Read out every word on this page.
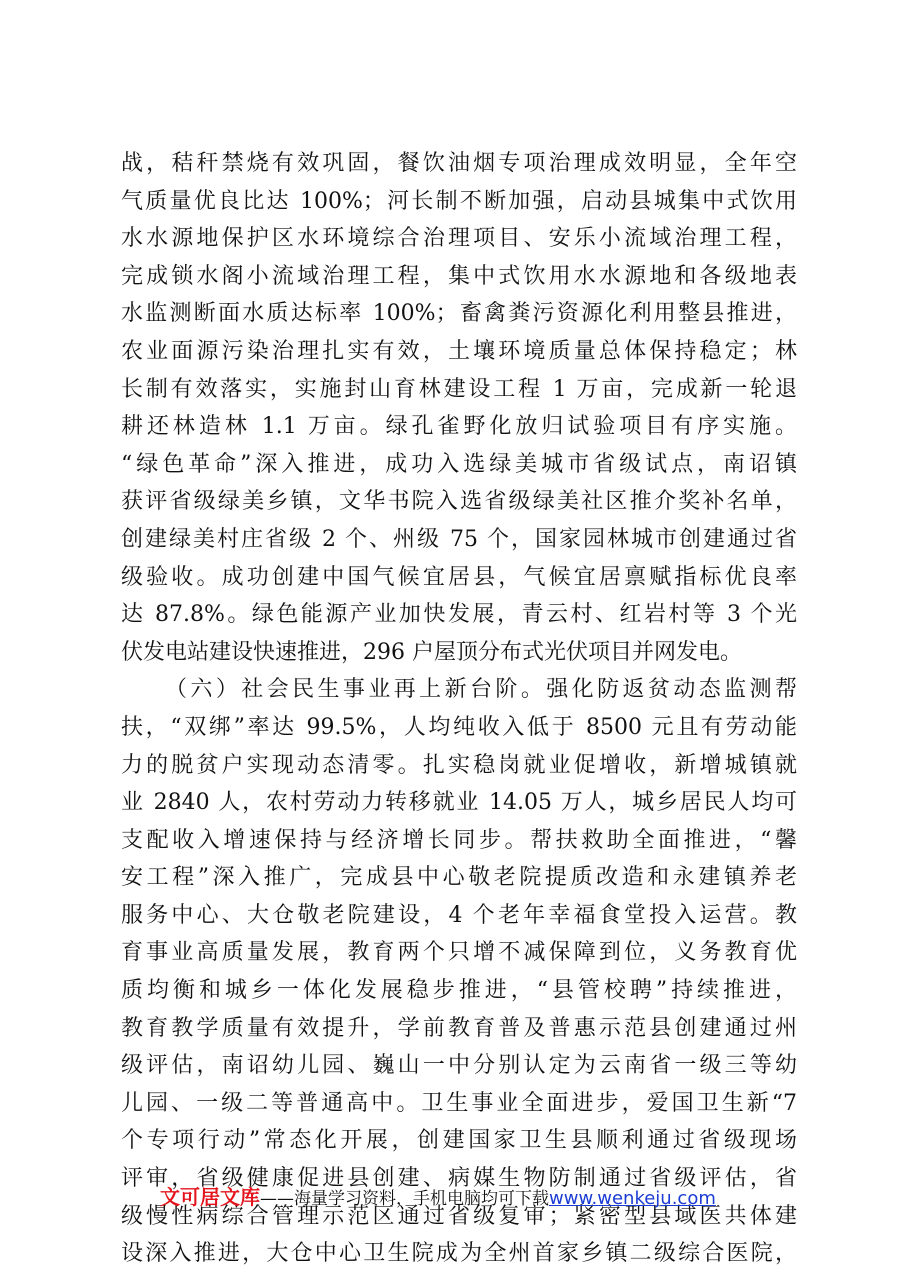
战，秸秆禁烧有效巩固，餐饮油烟专项治理成效明显，全年空
气质量优良比达 100%；河长制不断加强，启动县城集中式饮用
水水源地保护区水环境综合治理项目、安乐小流域治理工程，
完成锁水阁小流域治理工程，集中式饮用水水源地和各级地表
水监测断面水质达标率 100%；畜禽粪污资源化利用整县推进，
农业面源污染治理扎实有效，土壤环境质量总体保持稳定；林
长制有效落实，实施封山育林建设工程 1 万亩，完成新一轮退
耕还林造林 1.1 万亩。绿孔雀野化放归试验项目有序实施。
“绿色革命”深入推进，成功入选绿美城市省级试点，南诏镇
获评省级绿美乡镇，文华书院入选省级绿美社区推介奖补名单，
创建绿美村庄省级 2 个、州级 75 个，国家园林城市创建通过省
级验收。成功创建中国气候宜居县，气候宜居禀赋指标优良率
达 87.8%。绿色能源产业加快发展，青云村、红岩村等 3 个光
伏发电站建设快速推进，296 户屋顶分布式光伏项目并网发电。
（六）社会民生事业再上新台阶。强化防返贫动态监测帮
扶，“双绑”率达 99.5%，人均纯收入低于 8500 元且有劳动能
力的脱贫户实现动态清零。扎实稳岗就业促增收，新增城镇就
业 2840 人，农村劳动力转移就业 14.05 万人，城乡居民人均可
支配收入增速保持与经济增长同步。帮扶救助全面推进，“馨
安工程”深入推广，完成县中心敬老院提质改造和永建镇养老
服务中心、大仓敬老院建设，4 个老年幸福食堂投入运营。教
育事业高质量发展，教育两个只增不减保障到位，义务教育优
质均衡和城乡一体化发展稳步推进，“县管校聘”持续推进，
教育教学质量有效提升，学前教育普及普惠示范县创建通过州
级评估，南诏幼儿园、巍山一中分别认定为云南省一级三等幼
儿园、一级二等普通高中。卫生事业全面进步，爱国卫生新“7
个专项行动”常态化开展，创建国家卫生县顺利通过省级现场
评审，省级健康促进县创建、病媒生物防制通过省级评估，省
级慢性病综合管理示范区通过省级复审；紧密型县域医共体建
设深入推进，大仓中心卫生院成为全州首家乡镇二级综合医院，
文可居文库——海量学习资料，手机电脑均可下载www.wenkeju.com
